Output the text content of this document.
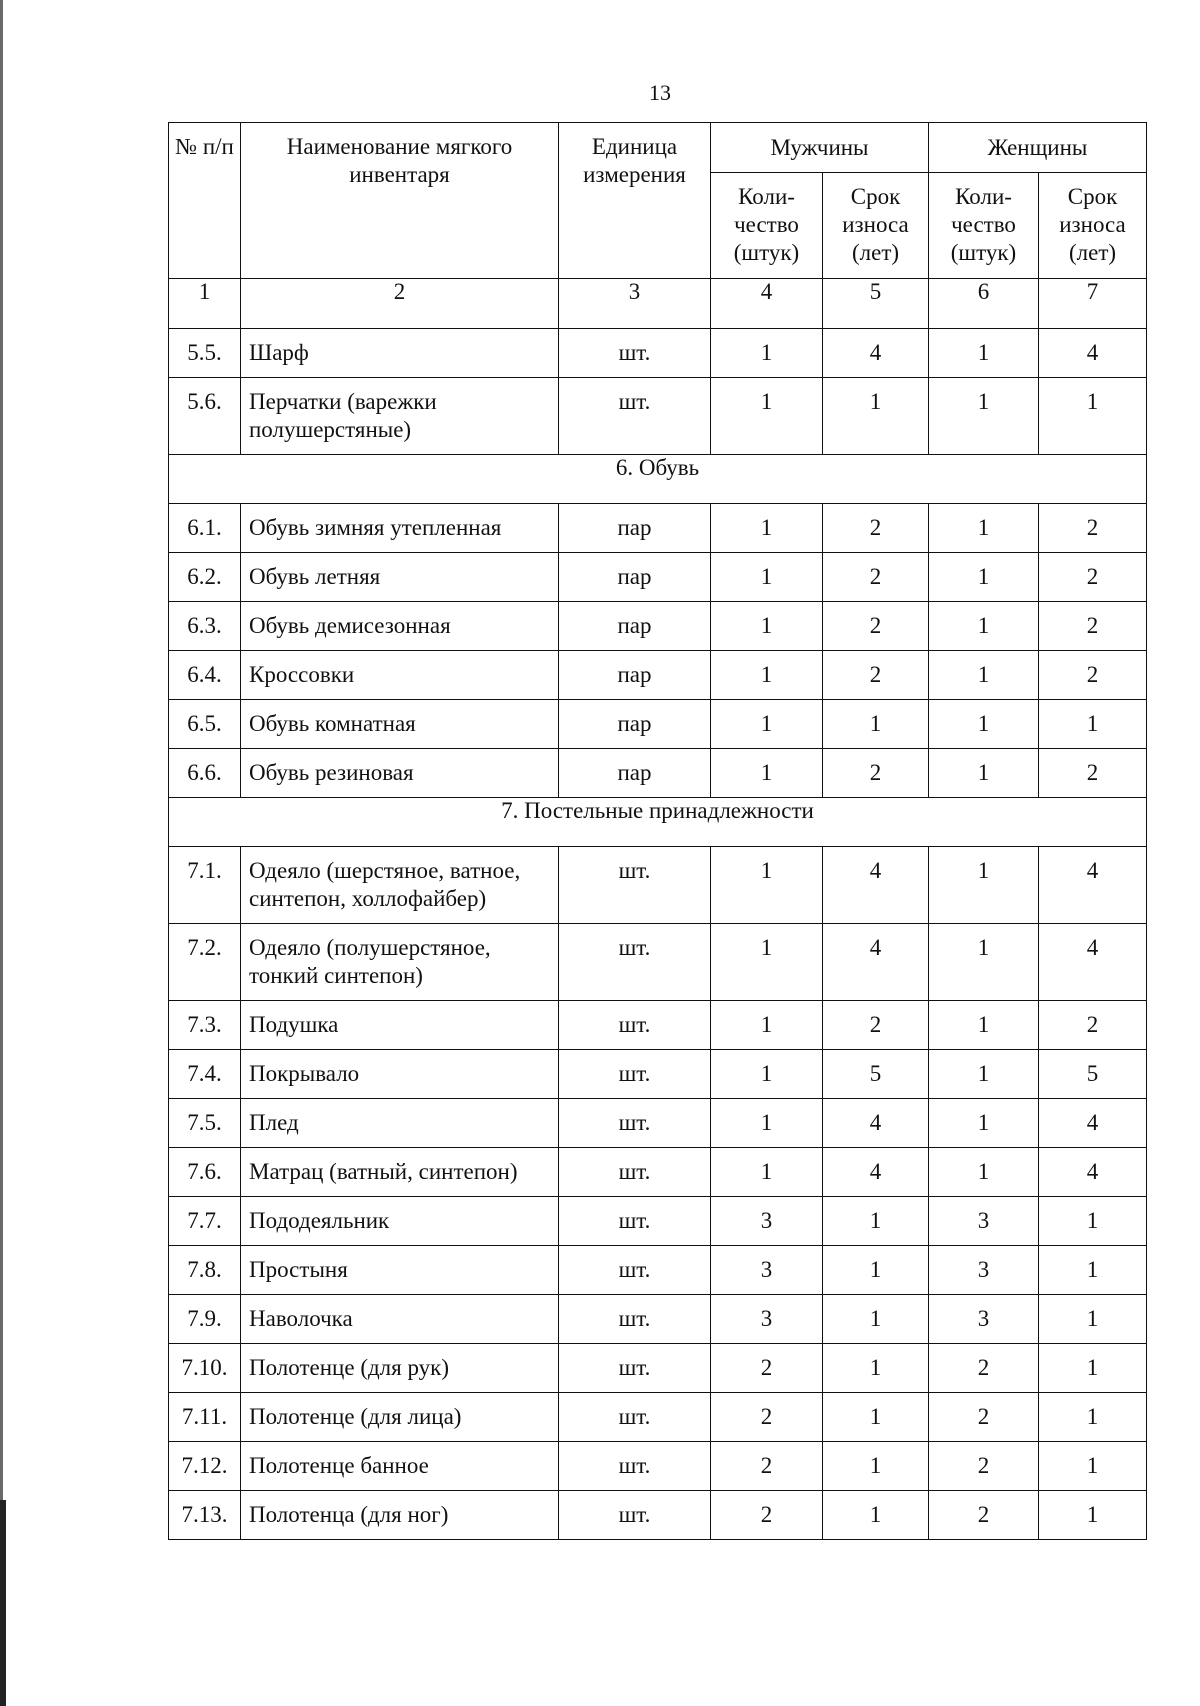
13
№ п/п	Наименование мягкого инвентаря	Единица измерения	Мужчины		Женщины	
			Коли-чество (штук)	Срок износа (лет)	Коли-чество (штук)	Срок износа (лет)
1	2	3	4	5	6	7
5.5.	Шарф	шт.	1	4	1	4
5.6.	Перчатки (варежки полушерстяные)	шт.	1	1	1	1
6. Обувь						
6.1.	Обувь зимняя утепленная	пар	1	2	1	2
6.2.	Обувь летняя	пар	1	2	1	2
6.3.	Обувь демисезонная	пар	1	2	1	2
6.4.	Кроссовки	пар	1	2	1	2
6.5.	Обувь комнатная	пар	1	1	1	1
6.6.	Обувь резиновая	пар	1	2	1	2
7. Постельные принадлежности						
7.1.	Одеяло (шерстяное, ватное, синтепон, холлофайбер)	шт.	1	4	1	4
7.2.	Одеяло (полушерстяное, тонкий синтепон)	шт.	1	4	1	4
7.3.	Подушка	шт.	1	2	1	2
7.4.	Покрывало	шт.	1	5	1	5
7.5.	Плед	шт.	1	4	1	4
7.6.	Матрац (ватный, синтепон)	шт.	1	4	1	4
7.7.	Пододеяльник	шт.	3	1	3	1
7.8.	Простыня	шт.	3	1	3	1
7.9.	Наволочка	шт.	3	1	3	1
7.10.	Полотенце (для рук)	шт.	2	1	2	1
7.11.	Полотенце (для лица)	шт.	2	1	2	1
7.12.	Полотенце банное	шт.	2	1	2	1
7.13.	Полотенца (для ног)	шт.	2	1	2	1
